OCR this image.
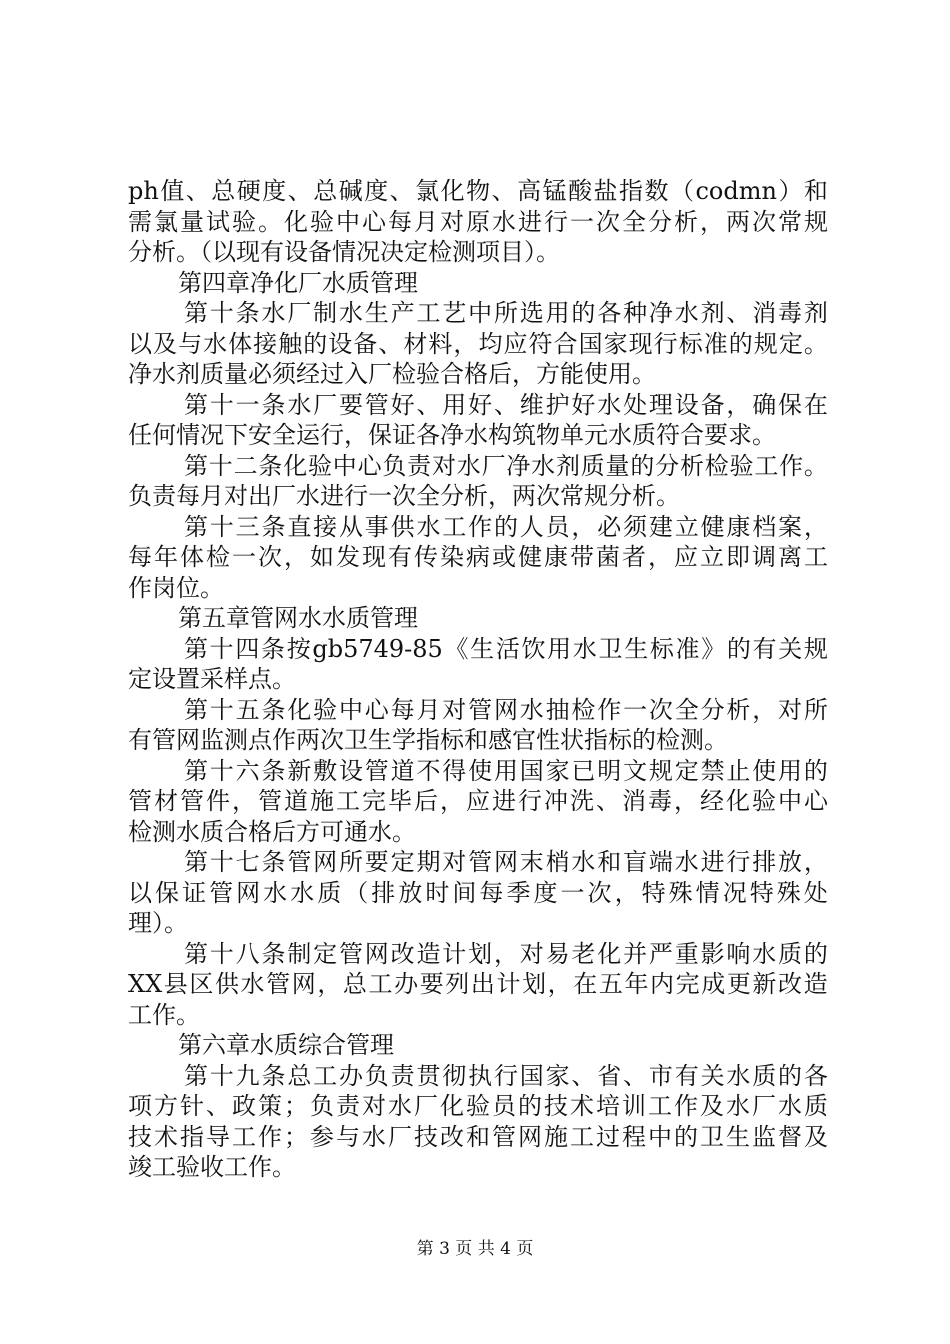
ph 值 、 总 硬 度 、 总 碱 度 、 氯 化 物 、 高 锰 酸 盐 指 数 （ codmn ） 和
需 氯 量 试 验 。 化 验 中 心 每 月 对 原 水 进 行 一 次 全 分 析 ， 两 次 常 规
分析。（以现有设备情况决定检测项目）。
第四章净化厂水质管理
第 十 条 水 厂 制 水 生 产 工 艺 中 所 选 用 的 各 种 净 水 剂 、 消 毒 剂
以 及 与 水 体 接 触 的 设 备 、 材 料 ， 均 应 符 合 国 家 现 行 标 准 的 规 定 。
净水剂质量必须经过入厂检验合格后，方能使用。
第 十 一 条 水 厂 要 管 好 、 用 好 、 维 护 好 水 处 理 设 备 ， 确 保 在
任何情况下安全运行，保证各净水构筑物单元水质符合要求。
第 十 二 条 化 验 中 心 负 责 对 水 厂 净 水 剂 质 量 的 分 析 检 验 工 作 。
负责每月对出厂水进行一次全分析，两次常规分析。
第 十 三 条 直 接 从 事 供 水 工 作 的 人 员 ， 必 须 建 立 健 康 档 案 ，
每 年 体 检 一 次 ， 如 发 现 有 传 染 病 或 健 康 带 菌 者 ， 应 立 即 调 离 工
作岗位。
第五章管网水水质管理
第 十 四 条 按 gb5749-85 《 生 活 饮 用 水 卫 生 标 准 》 的 有 关 规
定设置采样点。
第 十 五 条 化 验 中 心 每 月 对 管 网 水 抽 检 作 一 次 全 分 析 ， 对 所
有管网监测点作两次卫生学指标和感官性状指标的检测。
第 十 六 条 新 敷 设 管 道 不 得 使 用 国 家 已 明 文 规 定 禁 止 使 用 的
管 材 管 件 ， 管 道 施 工 完 毕 后 ， 应 进 行 冲 洗 、 消 毒 ， 经 化 验 中 心
检测水质合格后方可通水。
第 十 七 条 管 网 所 要 定 期 对 管 网 末 梢 水 和 盲 端 水 进 行 排 放 ，
以 保 证 管 网 水 水 质 （ 排 放 时 间 每 季 度 一 次 ， 特 殊 情 况 特 殊 处
理）。
第 十 八 条 制 定 管 网 改 造 计 划 ， 对 易 老 化 并 严 重 影 响 水 质 的
XX 县 区 供 水 管 网 ， 总 工 办 要 列 出 计 划 ， 在 五 年 内 完 成 更 新 改 造
工作。
第六章水质综合管理
第 十 九 条 总 工 办 负 责 贯 彻 执 行 国 家 、 省 、 市 有 关 水 质 的 各
项 方 针 、 政 策 ； 负 责 对 水 厂 化 验 员 的 技 术 培 训 工 作 及 水 厂 水 质
技 术 指 导 工 作 ； 参 与 水 厂 技 改 和 管 网 施 工 过 程 中 的 卫 生 监 督 及
竣工验收工作。
第 3 页 共 4 页
